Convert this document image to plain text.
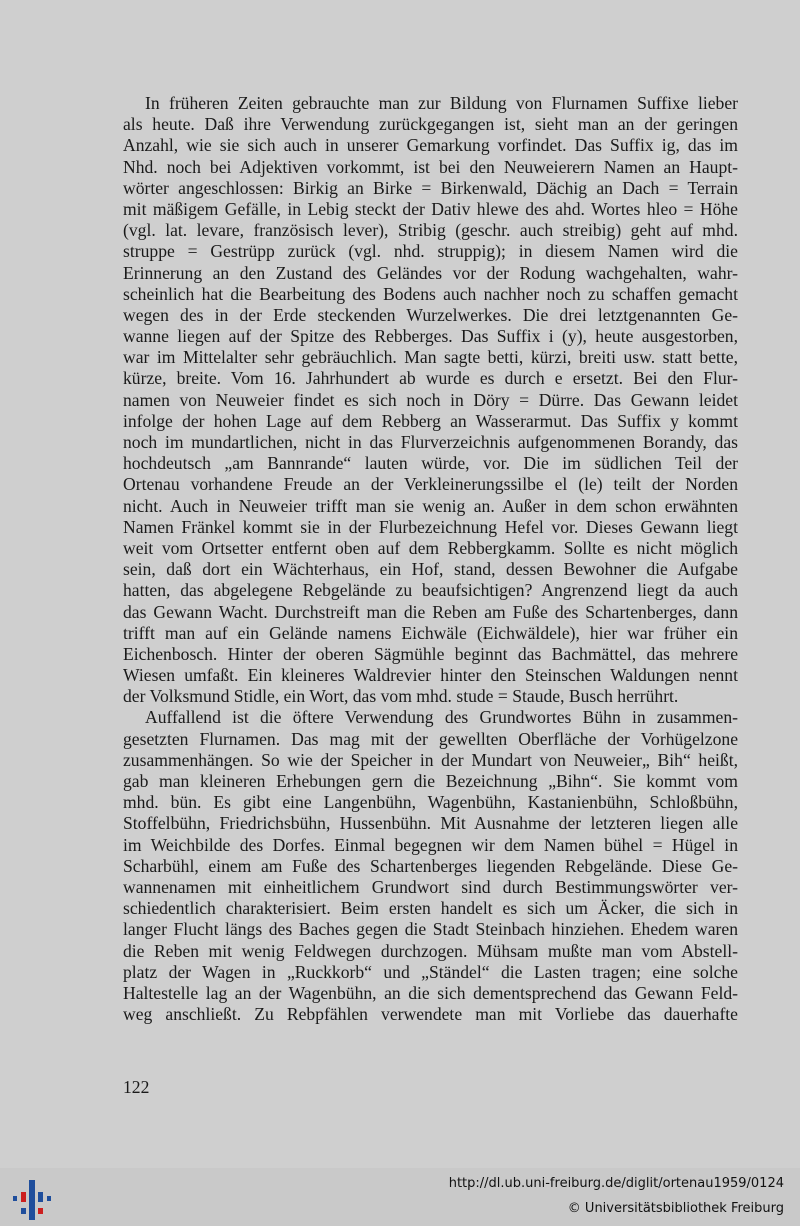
In früheren Zeiten gebrauchte man zur Bildung von Flurnamen Suffixe lieber
als heute. Daß ihre Verwendung zurückgegangen ist, sieht man an der geringen
Anzahl, wie sie sich auch in unserer Gemarkung vorfindet. Das Suffix ig, das im
Nhd. noch bei Adjektiven vorkommt, ist bei den Neuweierern Namen an Haupt-
wörter angeschlossen: Birkig an Birke = Birkenwald, Dächig an Dach = Terrain
mit mäßigem Gefälle, in Lebig steckt der Dativ hlewe des ahd. Wortes hleo = Höhe
(vgl. lat. levare, französisch lever), Stribig (geschr. auch streibig) geht auf mhd.
struppe = Gestrüpp zurück (vgl. nhd. struppig); in diesem Namen wird die
Erinnerung an den Zustand des Geländes vor der Rodung wachgehalten, wahr-
scheinlich hat die Bearbeitung des Bodens auch nachher noch zu schaffen gemacht
wegen des in der Erde steckenden Wurzelwerkes. Die drei letztgenannten Ge-
wanne liegen auf der Spitze des Rebberges. Das Suffix i (y), heute ausgestorben,
war im Mittelalter sehr gebräuchlich. Man sagte betti, kürzi, breiti usw. statt bette,
kürze, breite. Vom 16. Jahrhundert ab wurde es durch e ersetzt. Bei den Flur-
namen von Neuweier findet es sich noch in Döry = Dürre. Das Gewann leidet
infolge der hohen Lage auf dem Rebberg an Wasserarmut. Das Suffix y kommt
noch im mundartlichen, nicht in das Flurverzeichnis aufgenommenen Borandy, das
hochdeutsch „am Bannrande“ lauten würde, vor. Die im südlichen Teil der
Ortenau vorhandene Freude an der Verkleinerungssilbe el (le) teilt der Norden
nicht. Auch in Neuweier trifft man sie wenig an. Außer in dem schon erwähnten
Namen Fränkel kommt sie in der Flurbezeichnung Hefel vor. Dieses Gewann liegt
weit vom Ortsetter entfernt oben auf dem Rebbergkamm. Sollte es nicht möglich
sein, daß dort ein Wächterhaus, ein Hof, stand, dessen Bewohner die Aufgabe
hatten, das abgelegene Rebgelände zu beaufsichtigen? Angrenzend liegt da auch
das Gewann Wacht. Durchstreift man die Reben am Fuße des Schartenberges, dann
trifft man auf ein Gelände namens Eichwäle (Eichwäldele), hier war früher ein
Eichenbosch. Hinter der oberen Sägmühle beginnt das Bachmättel, das mehrere
Wiesen umfaßt. Ein kleineres Waldrevier hinter den Steinschen Waldungen nennt
der Volksmund Stidle, ein Wort, das vom mhd. stude = Staude, Busch herrührt.
Auffallend ist die öftere Verwendung des Grundwortes Bühn in zusammen-
gesetzten Flurnamen. Das mag mit der gewellten Oberfläche der Vorhügelzone
zusammenhängen. So wie der Speicher in der Mundart von Neuweier„ Bih“ heißt,
gab man kleineren Erhebungen gern die Bezeichnung „Bihn“. Sie kommt vom
mhd. bün. Es gibt eine Langenbühn, Wagenbühn, Kastanienbühn, Schloßbühn,
Stoffelbühn, Friedrichsbühn, Hussenbühn. Mit Ausnahme der letzteren liegen alle
im Weichbilde des Dorfes. Einmal begegnen wir dem Namen bühel = Hügel in
Scharbühl, einem am Fuße des Schartenberges liegenden Rebgelände. Diese Ge-
wannenamen mit einheitlichem Grundwort sind durch Bestimmungswörter ver-
schiedentlich charakterisiert. Beim ersten handelt es sich um Äcker, die sich in
langer Flucht längs des Baches gegen die Stadt Steinbach hinziehen. Ehedem waren
die Reben mit wenig Feldwegen durchzogen. Mühsam mußte man vom Abstell-
platz der Wagen in „Ruckkorb“ und „Ständel“ die Lasten tragen; eine solche
Haltestelle lag an der Wagenbühn, an die sich dementsprechend das Gewann Feld-
weg anschließt. Zu Rebpfählen verwendete man mit Vorliebe das dauerhafte
122
http://dl.ub.uni-freiburg.de/diglit/ortenau1959/0124
© Universitätsbibliothek Freiburg
